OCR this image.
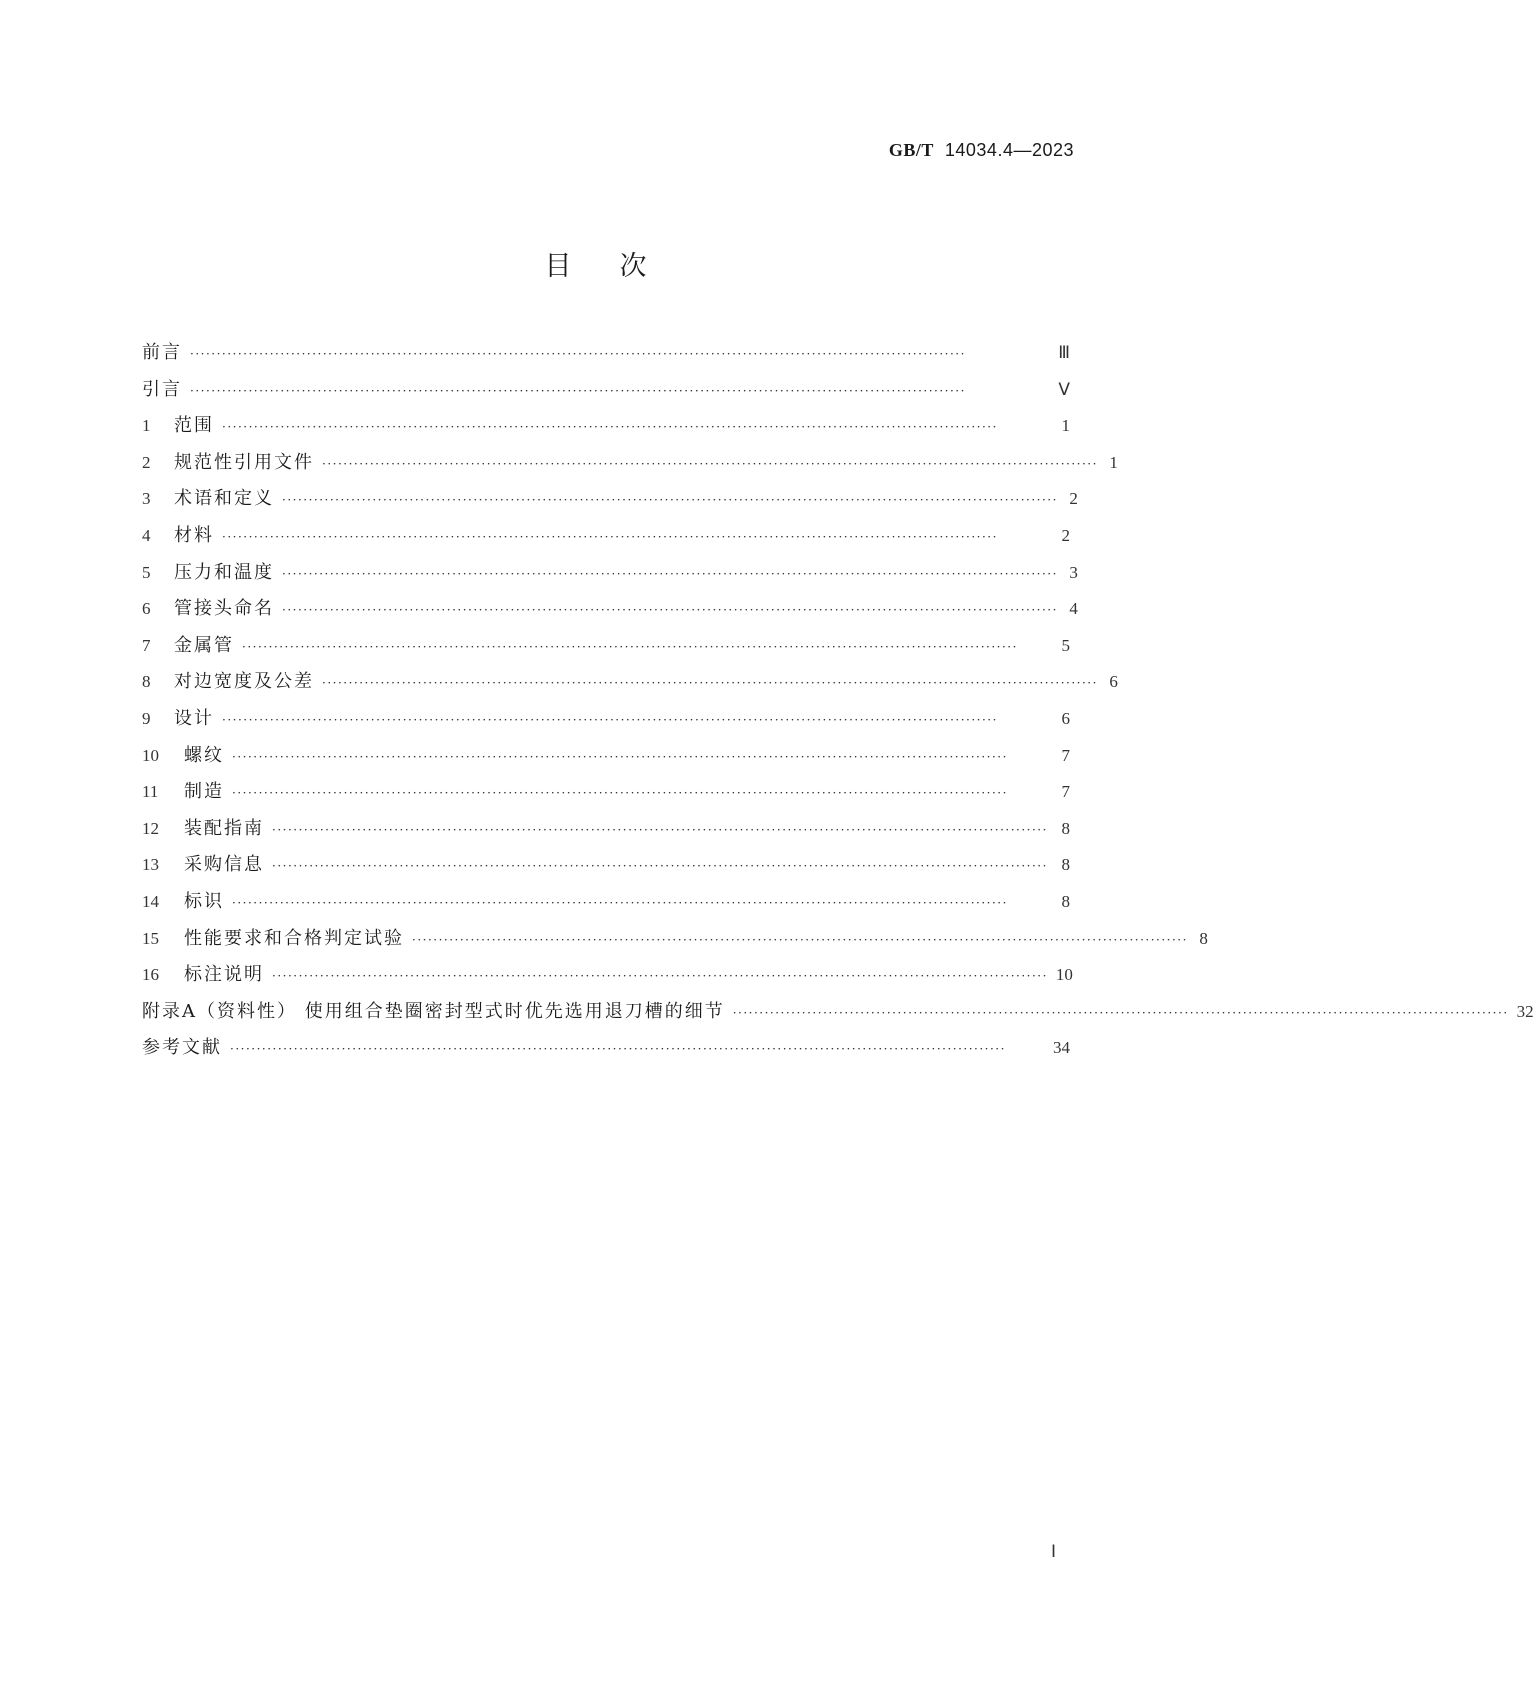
GB/T 14034.4—2023
目次
前言 ··················································································································································	Ⅲ
引言 ··················································································································································	Ⅴ
1 范围 ··················································································································································	1
2 规范性引用文件 ·················································································································································· 1
3 术语和定义 ·················································································································································· 2
4 材料 ··················································································································································	2
5 压力和温度 ·················································································································································· 3
6 管接头命名 ·················································································································································· 4
7 金属管 ··················································································································································	5
8 对边宽度及公差 ·················································································································································· 6
9 设计 ··················································································································································	6
10 螺纹 ··················································································································································	7
11 制造 ··················································································································································	7
12 装配指南 ·················································································································································· 8
13 采购信息 ·················································································································································· 8
14 标识 ··················································································································································	8
15 性能要求和合格判定试验 ·················································································································································· 8
16 标注说明 ·················································································································································· 10
附录A（资料性） 使用组合垫圈密封型式时优先选用退刀槽的细节 ·················································································································································· 32
参考文献 ··················································································································································	34
Ⅰ
